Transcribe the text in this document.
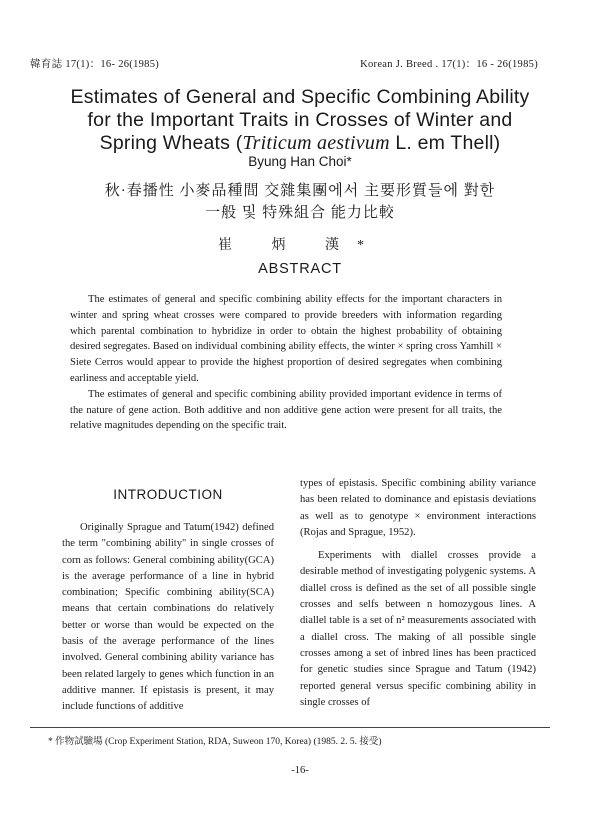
韓育誌 17(1)：16- 26(1985)	Korean J. Breed . 17(1)：16 - 26(1985)
Estimates of General and Specific Combining Ability
for the Important Traits in Crosses of Winter and
Spring Wheats (Triticum aestivum L. em Thell)
Byung Han Choi*
秋·春播性 小麥品種間 交雜集團에서 主要形質들에 對한
一般 및 特殊組合 能力比較
崔 炳 漢*
ABSTRACT

The estimates of general and specific combining ability effects for the important characters in winter and spring wheat crosses were compared to provide breeders with information regarding which parental combination to hybridize in order to obtain the highest probability of obtaining desired segregates. Based on individual combining ability effects, the winter × spring cross Yamhill × Siete Cerros would appear to provide the highest proportion of desired segregates when combining earliness and acceptable yield.

The estimates of general and specific combining ability provided important evidence in terms of the nature of gene action. Both additive and non additive gene action were present for all traits, the relative magnitudes depending on the specific trait.

INTRODUCTION

Originally Sprague and Tatum(1942) defined the term "combining ability" in single crosses of corn as follows: General combining ability(GCA) is the average performance of a line in hybrid combination; Specific combining ability(SCA) means that certain combinations do relatively better or worse than would be expected on the basis of the average performance of the lines involved. General combining ability variance has been related largely to genes which function in an additive manner. If epistasis is present, it may include functions of additive

types of epistasis. Specific combining ability variance has been related to dominance and epistasis deviations as well as to genotype × environment interactions (Rojas and Sprague, 1952).

Experiments with diallel crosses provide a desirable method of investigating polygenic systems. A diallel cross is defined as the set of all possible single crosses and selfs between n homozygous lines. A diallel table is a set of n² measurements associated with a diallel cross. The making of all possible single crosses among a set of inbred lines has been practiced for genetic studies since Sprague and Tatum (1942) reported general versus specific combining ability in single crosses of

* 作物試驗場 (Crop Experiment Station, RDA, Suweon 170, Korea) (1985. 2. 5. 接受)
-16-
